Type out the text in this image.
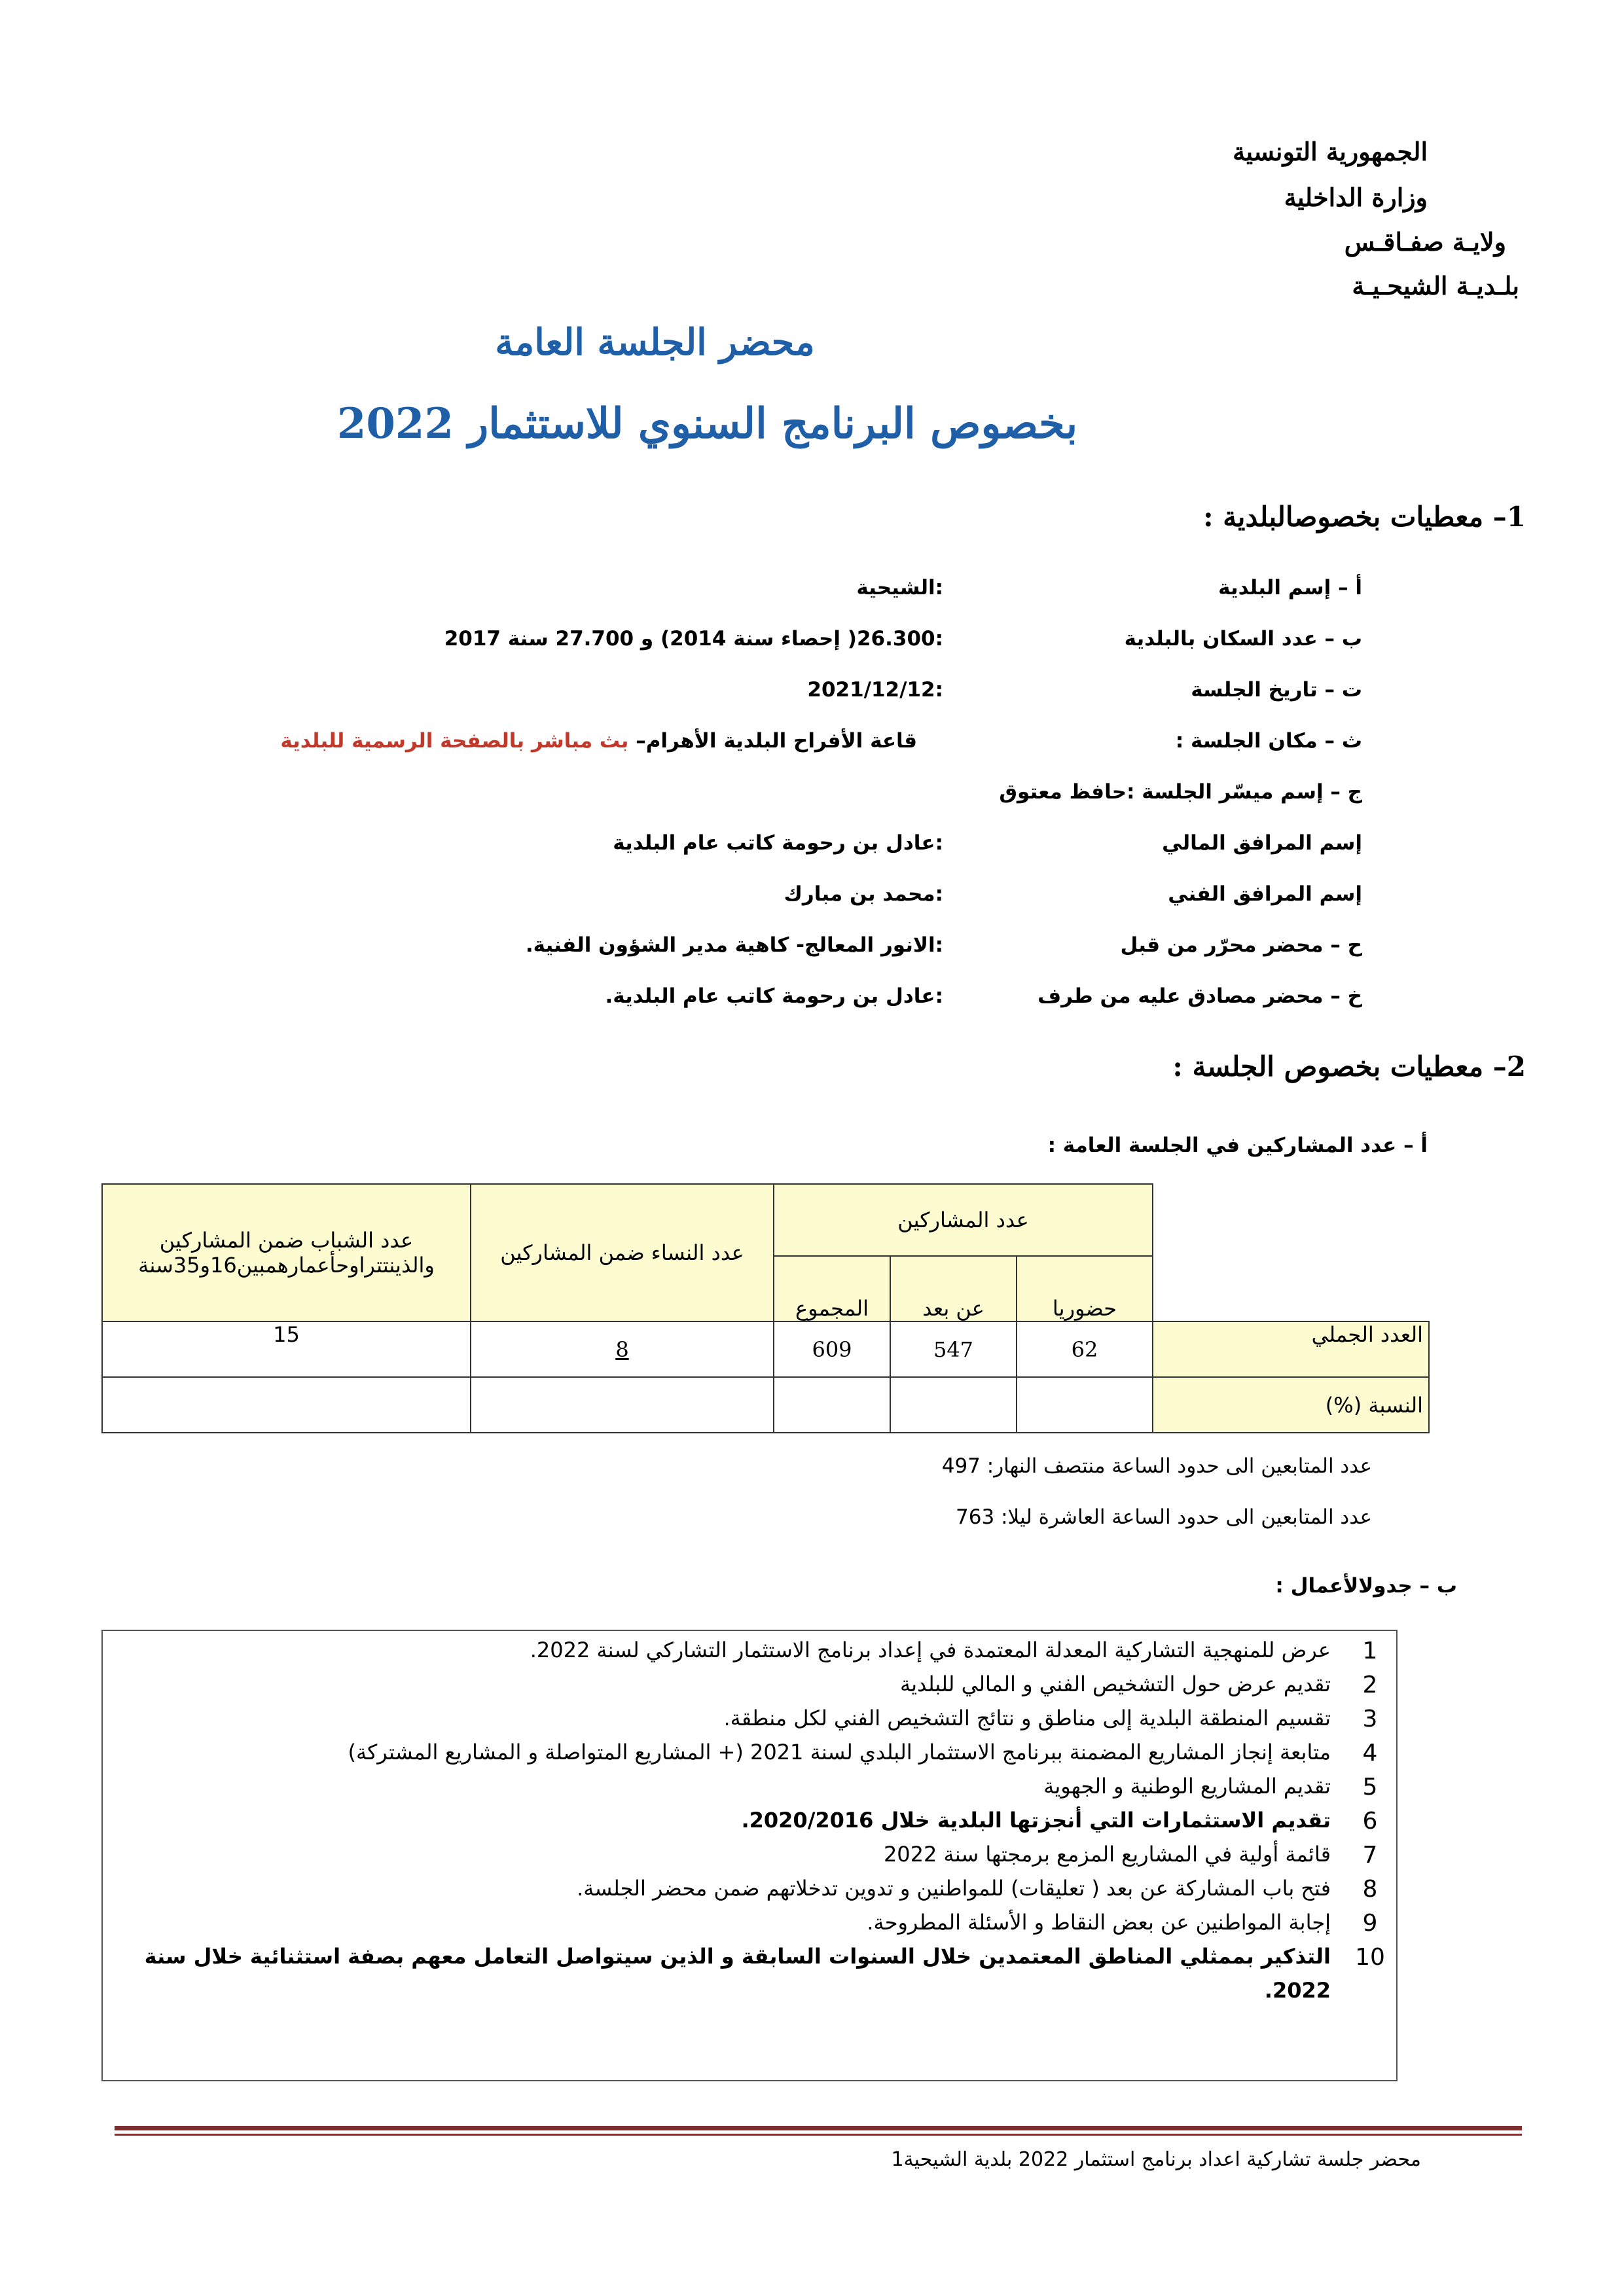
الجمهورية التونسية
وزارة الداخلية
ولايـة صفـاقـس
بلـديـة الشيحـيـة
محضر الجلسة العامة
بخصوص البرنامج السنوي للاستثمار 2022
1– معطيات بخصوصالبلدية :
أ – إسم البلدية
:الشيحية
ب – عدد السكان بالبلدية
:26.300( إحصاء سنة 2014) و 27.700 سنة 2017
ت – تاريخ الجلسة
:2021/12/12
ث – مكان الجلسة :
قاعة الأفراح البلدية الأهرام– بث مباشر بالصفحة الرسمية للبلدية
ج – إسم ميسّر الجلسة :حافظ معتوق
إسم المرافق المالي
:عادل بن رحومة كاتب عام البلدية
إسم المرافق الفني
:محمد بن مبارك
ح – محضر محرّر من قبل
:الانور المعالج- كاهية مدير الشؤون الفنية.
خ – محضر مصادق عليه من طرف
:عادل بن رحومة كاتب عام البلدية.
2– معطيات بخصوص الجلسة :
أ – عدد المشاركين في الجلسة العامة :
عدد الشباب ضمن المشاركين
والذينتتراوحأعمارهمبين16و35سنة	عدد النساء ضمن المشاركين	عدد المشاركين			
		المجموع	عن بعد	حضوريا	
15	8	609	547	62	العدد الجملي
					النسبة (%)
عدد المتابعين الى حدود الساعة منتصف النهار: 497
عدد المتابعين الى حدود الساعة العاشرة ليلا: 763
ب – جدولالأعمال :
1
عرض للمنهجية التشاركية المعدلة المعتمدة في إعداد برنامج الاستثمار التشاركي لسنة 2022.
2
تقديم عرض حول التشخيص الفني و المالي للبلدية
3
تقسيم المنطقة البلدية إلى مناطق و نتائج التشخيص الفني لكل منطقة.
4
متابعة إنجاز المشاريع المضمنة ببرنامج الاستثمار البلدي لسنة 2021 (+ المشاريع المتواصلة و المشاريع المشتركة)
5
تقديم المشاريع الوطنية و الجهوية
6
تقديم الاستثمارات التي أنجزتها البلدية خلال 2020/2016.
7
قائمة أولية في المشاريع المزمع برمجتها سنة 2022
8
فتح باب المشاركة عن بعد ( تعليقات) للمواطنين و تدوين تدخلاتهم ضمن محضر الجلسة.
9
إجابة المواطنين عن بعض النقاط و الأسئلة المطروحة.
10
التذكير بممثلي المناطق المعتمدين خلال السنوات السابقة و الذين سيتواصل التعامل معهم بصفة استثنائية خلال سنة
2022.
محضر جلسة تشاركية اعداد برنامج استثمار 2022 بلدية الشيحية1
